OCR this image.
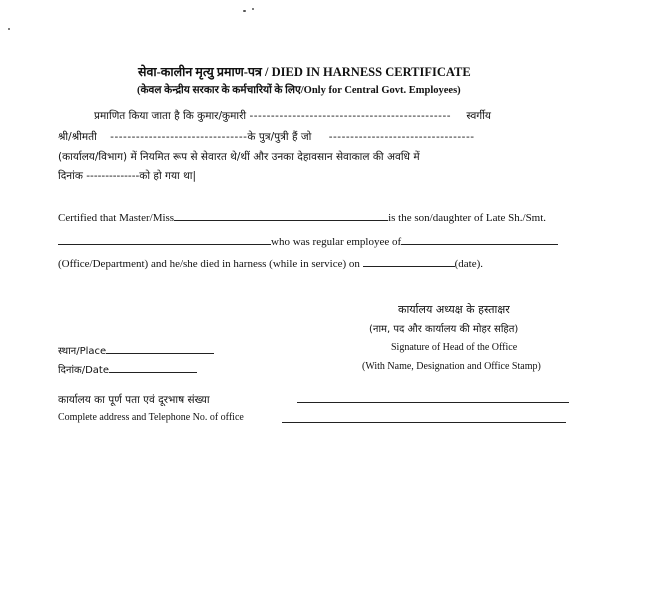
सेवा-कालीन मृत्यु प्रमाण-पत्र / DIED IN HARNESS CERTIFICATE
(केवल केन्द्रीय सरकार के कर्मचारियों के लिए/Only for Central Govt. Employees)
प्रमाणित किया जाता है कि कुमार/कुमारी ----------------------------------------------- स्वर्गीय
श्री/श्रीमती --------------------------------के पुत्र/पुत्री हैं जो ----------------------------------
(कार्यालय/विभाग) में नियमित रूप से सेवारत थे/थीं और उनका देहावसान सेवाकाल की अवधि में
दिनांक --------------को हो गया था|
Certified that Master/Miss	is the son/daughter of Late Sh./Smt.
who was regular employee of
(Office/Department) and he/she died in harness (while in service) on	(date).
कार्यालय अध्यक्ष के हस्ताक्षर
(नाम, पद और कार्यालय की मोहर सहित)
Signature of Head of the Office
(With Name, Designation and Office Stamp)
स्थान/Place
दिनांक/Date
कार्यालय का पूर्ण पता एवं दूरभाष संख्या
Complete address and Telephone No. of office
